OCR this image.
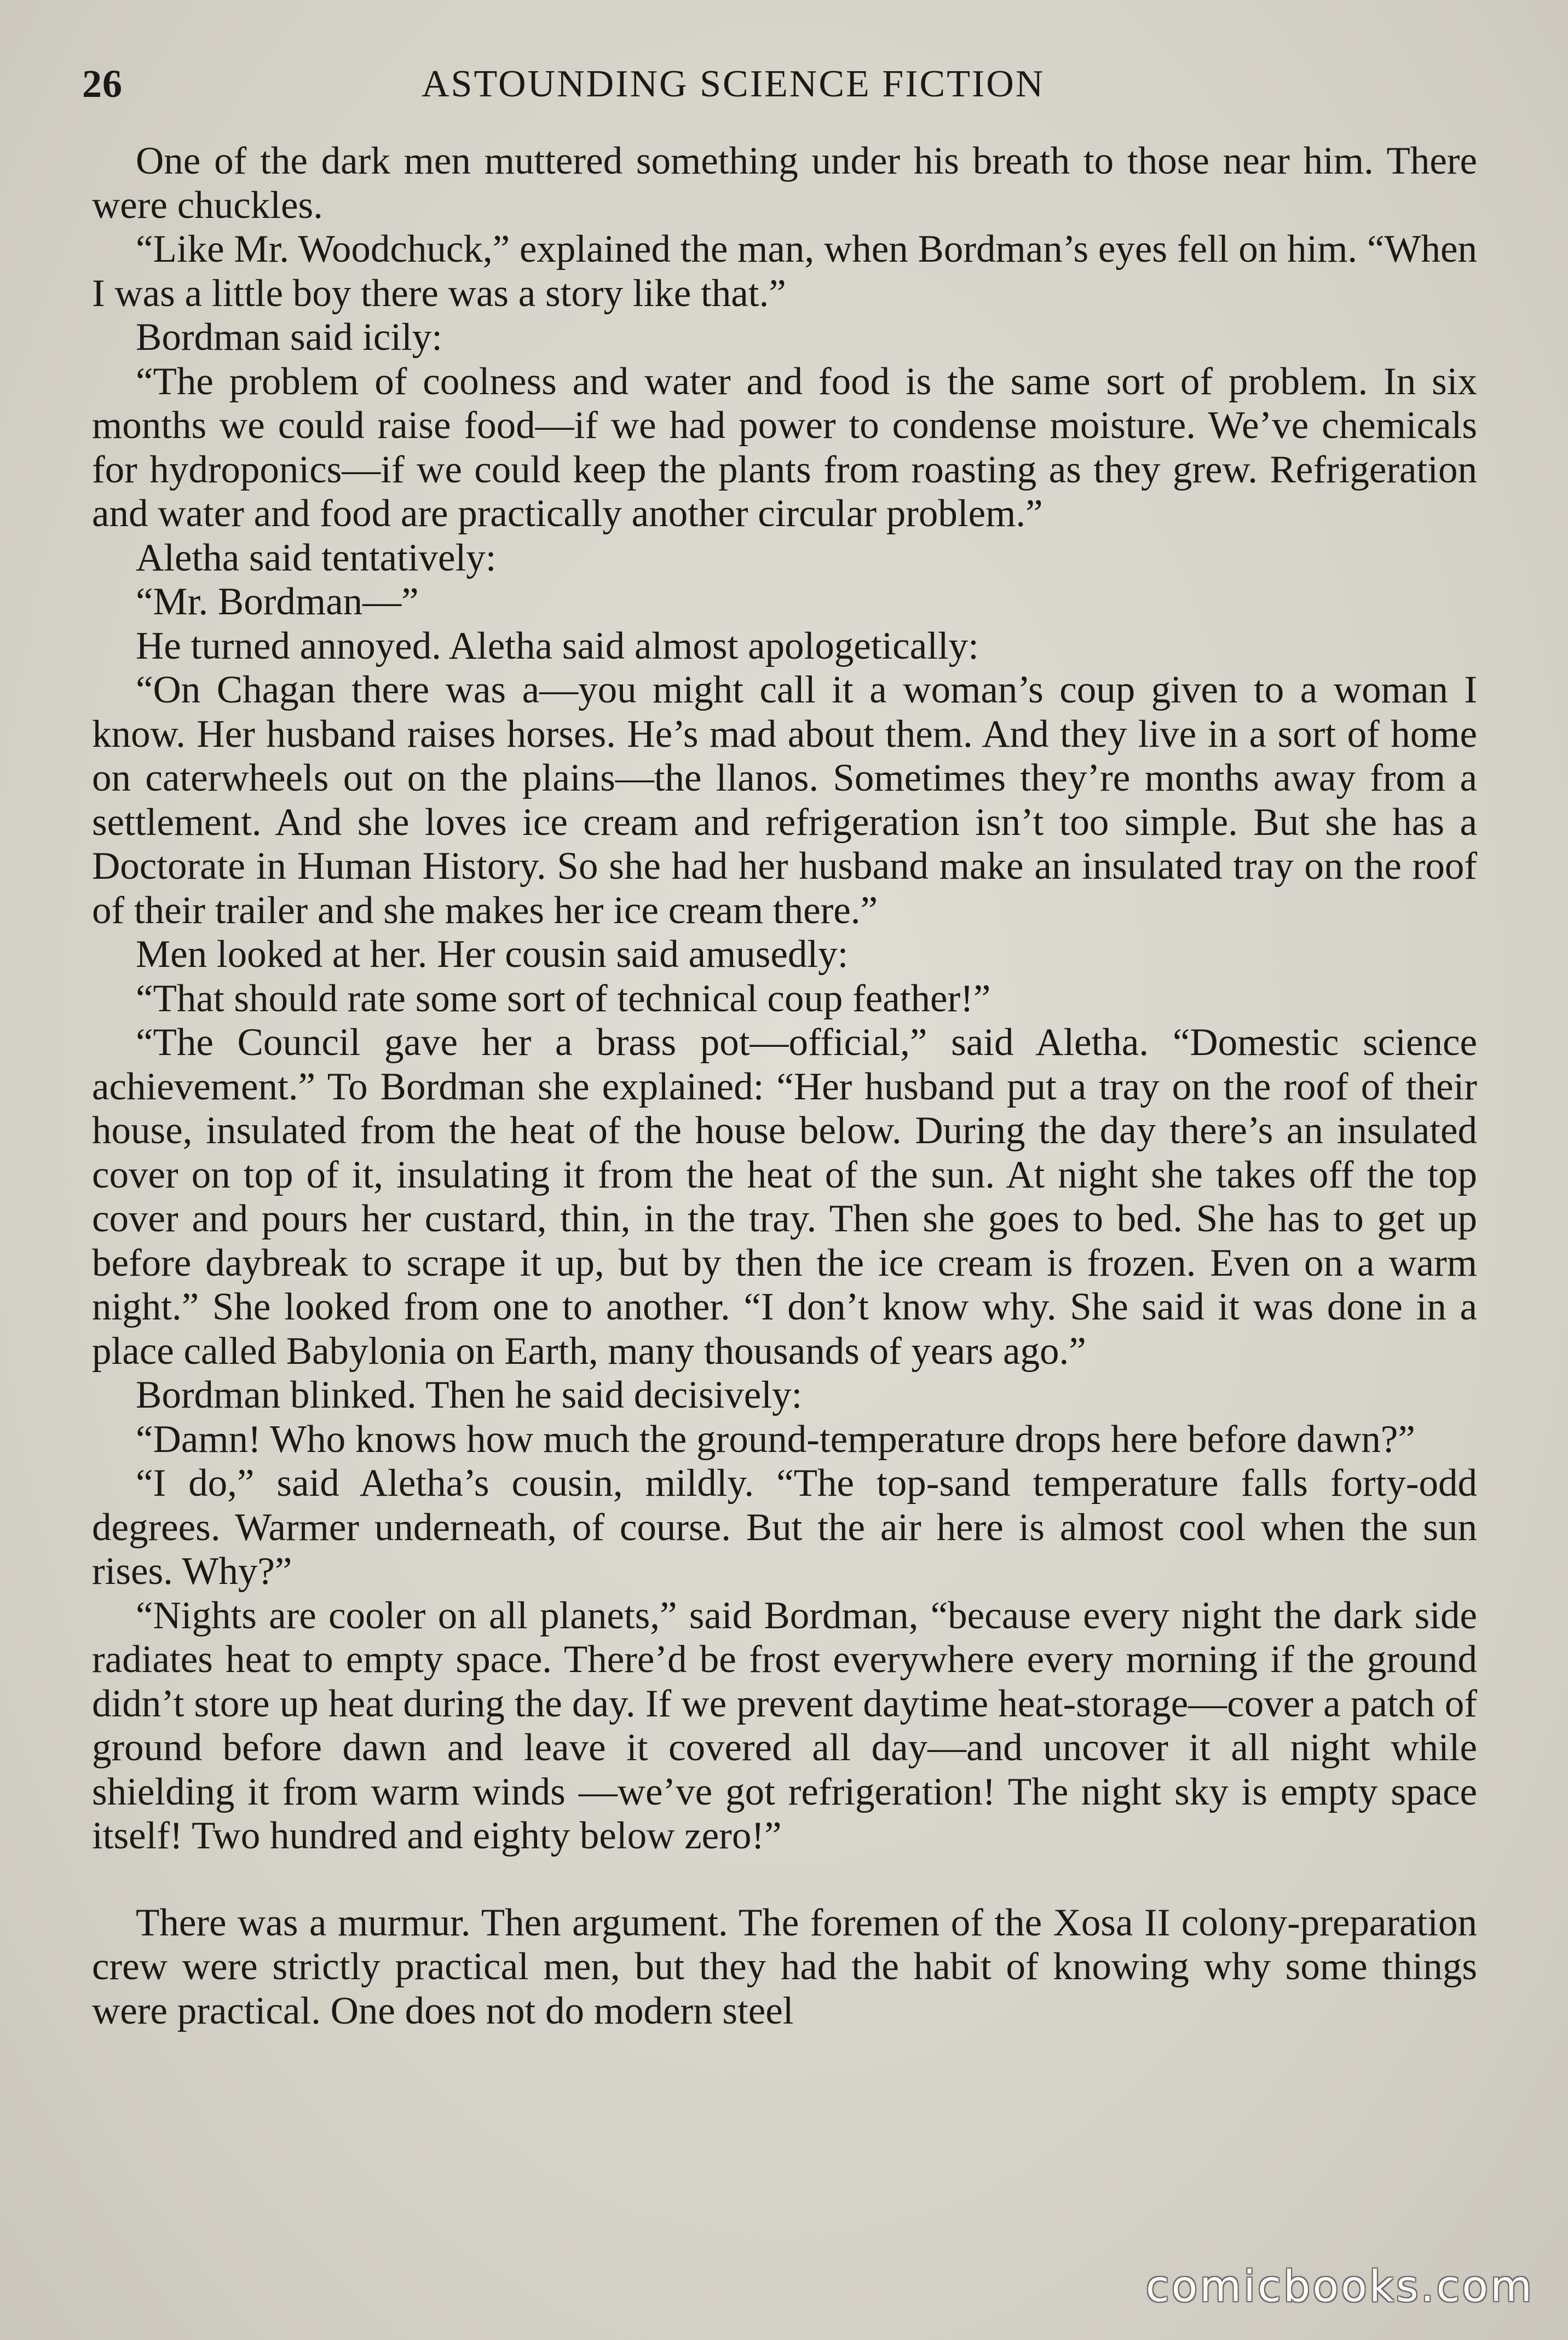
26	ASTOUNDING SCIENCE FICTION

One of the dark men muttered something under his breath to those near him. There were chuckles.

“Like Mr. Woodchuck,” explained the man, when Bordman’s eyes fell on him. “When I was a little boy there was a story like that.”

Bordman said icily:

“The problem of coolness and water and food is the same sort of problem. In six months we could raise food—if we had power to condense moisture. We’ve chemicals for hydroponics—if we could keep the plants from roasting as they grew. Refrigeration and water and food are practically another circular problem.”

Aletha said tentatively:

“Mr. Bordman—”

He turned annoyed. Aletha said almost apologetically:

“On Chagan there was a—you might call it a woman’s coup given to a woman I know. Her husband raises horses. He’s mad about them. And they live in a sort of home on caterwheels out on the plains—the llanos. Sometimes they’re months away from a settlement. And she loves ice cream and refrigeration isn’t too simple. But she has a Doctorate in Human History. So she had her husband make an insulated tray on the roof of their trailer and she makes her ice cream there.”

Men looked at her. Her cousin said amusedly:

“That should rate some sort of technical coup feather!”

“The Council gave her a brass pot—official,” said Aletha. “Domestic science achievement.” To Bordman she explained: “Her husband put a tray on the roof of their house, insulated from the heat of the house below. During the day there’s an insulated cover on top of it, insulating it from the heat of the sun. At night she takes off the top cover and pours her custard, thin, in the tray. Then she goes to bed. She has to get up before daybreak to scrape it up, but by then the ice cream is frozen. Even on a warm night.” She looked from one to another. “I don’t know why. She said it was done in a place called Babylonia on Earth, many thousands of years ago.”

Bordman blinked. Then he said decisively:

“Damn! Who knows how much the ground-temperature drops here before dawn?”

“I do,” said Aletha’s cousin, mildly. “The top-sand temperature falls forty-odd degrees. Warmer underneath, of course. But the air here is almost cool when the sun rises. Why?”

“Nights are cooler on all planets,” said Bordman, “because every night the dark side radiates heat to empty space. There’d be frost everywhere every morning if the ground didn’t store up heat during the day. If we prevent daytime heat-storage—cover a patch of ground before dawn and leave it covered all day—and uncover it all night while shielding it from warm winds —we’ve got refrigeration! The night sky is empty space itself! Two hundred and eighty below zero!”

There was a murmur. Then argument. The foremen of the Xosa II colony-preparation crew were strictly practical men, but they had the habit of knowing why some things were practical. One does not do modern steel

comicbooks.com
